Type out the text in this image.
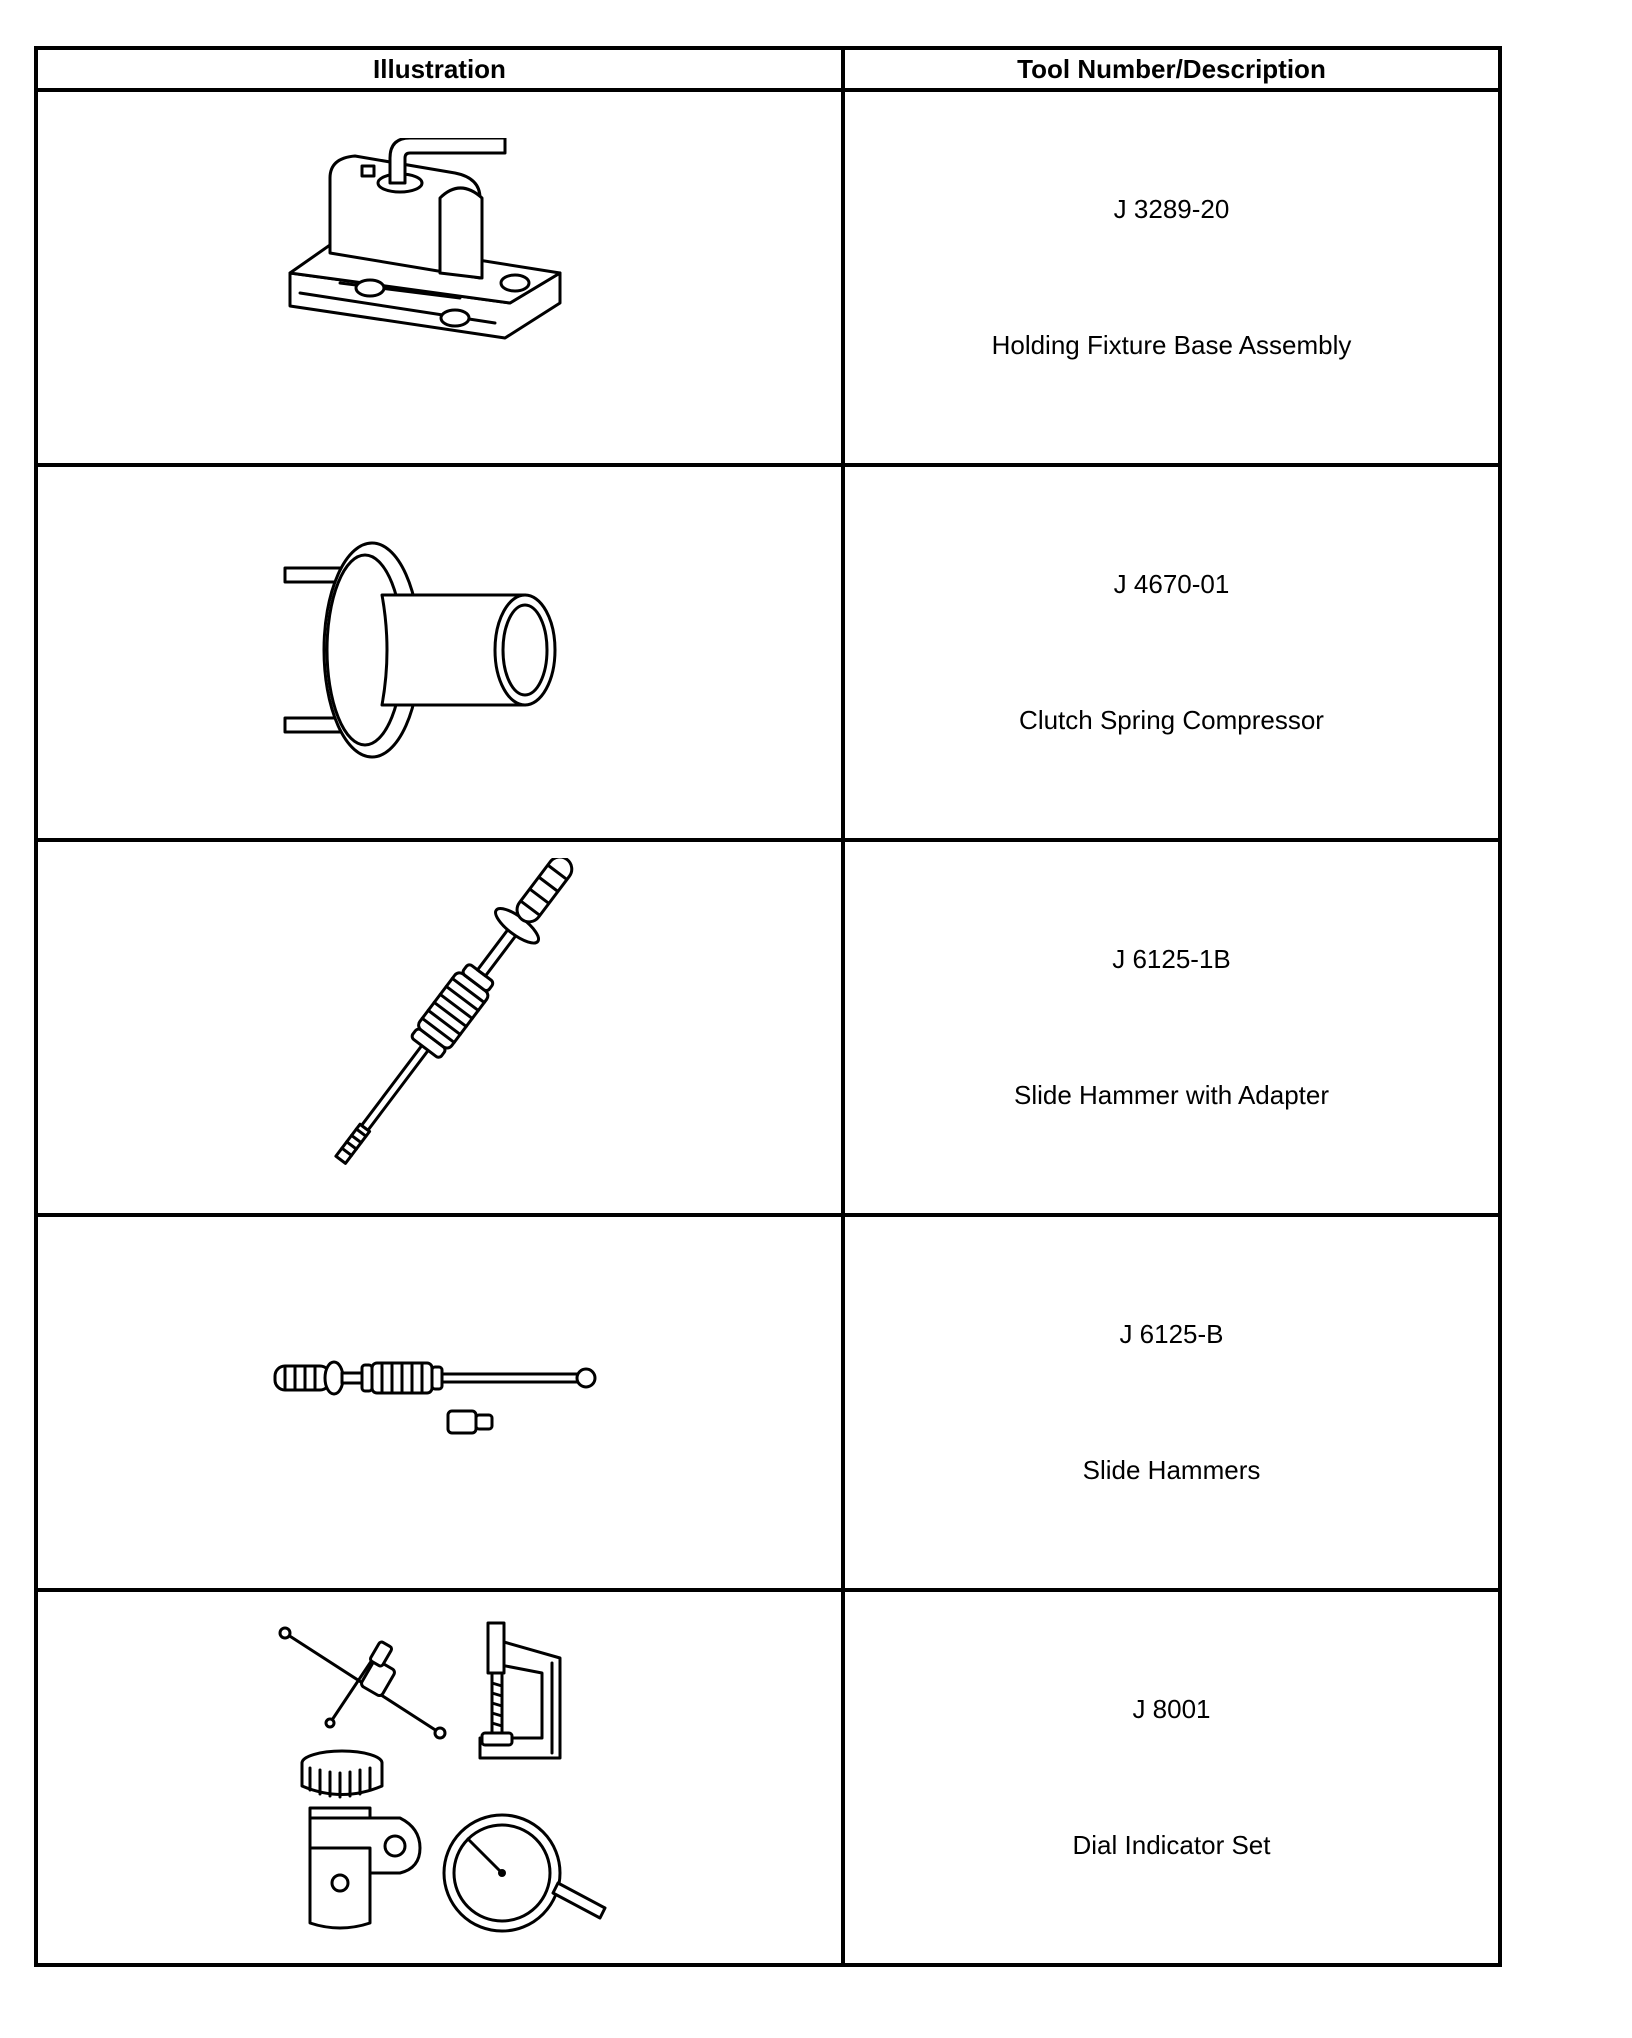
Illustration	Tool Number/Description

J 3289-20
Holding Fixture Base Assembly

J 4670-01
Clutch Spring Compressor

J 6125-1B
Slide Hammer with Adapter

J 6125-B
Slide Hammers

J 8001
Dial Indicator Set
